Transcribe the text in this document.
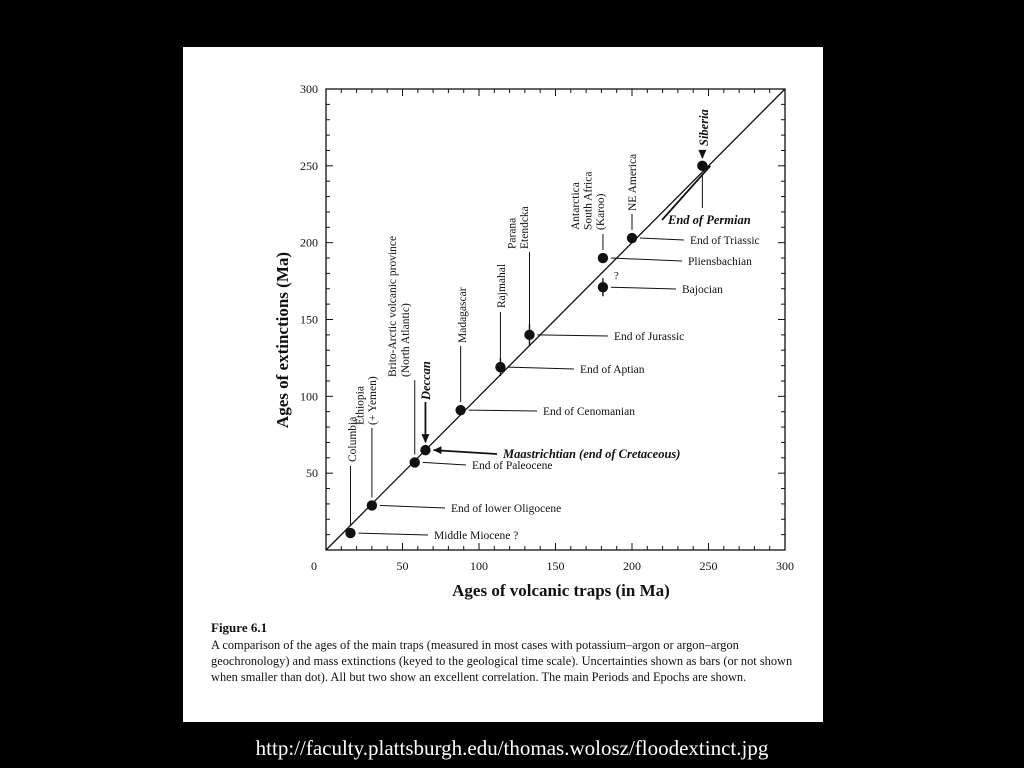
0	50	100	150	200	250	300
50
100
150
200
250
300
Middle Miocene ?
Columbia
End of lower Oligocene
Ethiopia (+ Yemen)
End of Paleocene
Maastrichtian (end of Cretaceous)
Deccan
End of Cenomanian
Madagascar
End of Aptian
Rajmahal
End of Jurassic
Parana Etendcka
Pliensbachian
Antarctica South Africa (Karoo)
Bajocian
?
End of Triassic
NE America
End of Permian
Siberia
Brito-Arctic volcanic province (North Atlantic)
Ages of volcanic traps (in Ma)
Ages of extinctions (Ma)
Figure 6.1
A comparison of the ages of the main traps (measured in most cases with potassium–argon or argon–argon geochronology) and mass extinctions (keyed to the geological time scale). Uncertainties shown as bars (or not shown when smaller than dot). All but two show an excellent correlation. The main Periods and Epochs are shown.
http://faculty.plattsburgh.edu/thomas.wolosz/floodextinct.jpg
